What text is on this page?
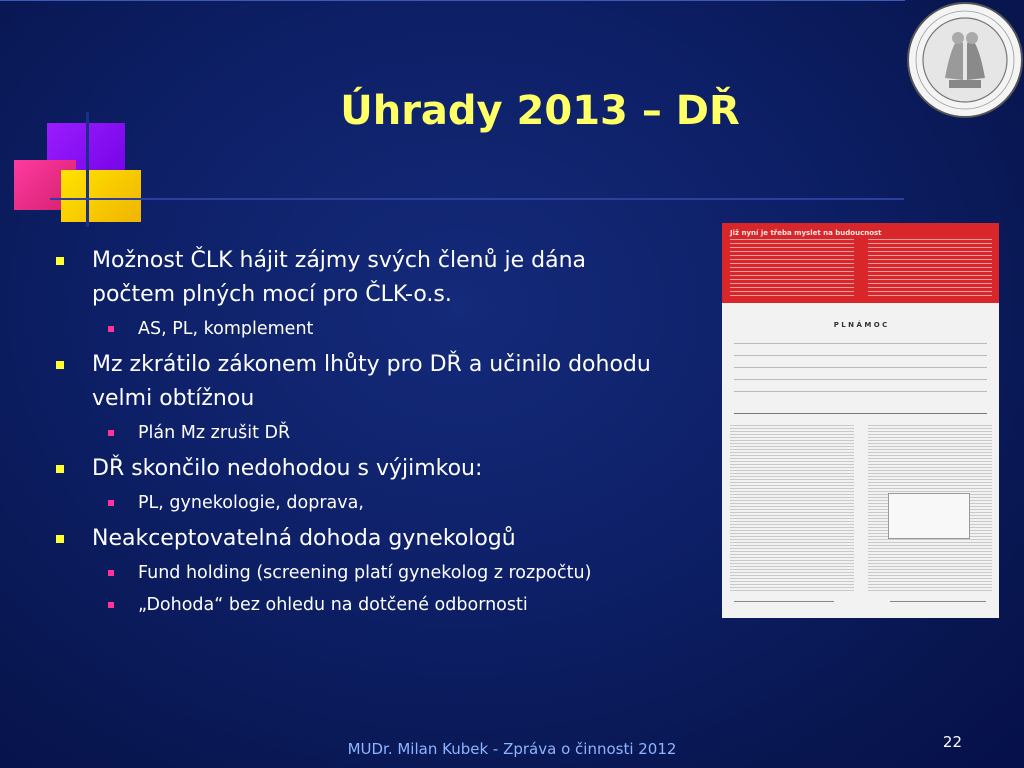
Úhrady 2013 – DŘ
Možnost ČLK hájit zájmy svých členů je dána počtem plných mocí pro ČLK-o.s.
AS, PL, komplement
Mz zkrátilo zákonem lhůty pro DŘ a učinilo dohodu velmi obtížnou
Plán Mz zrušit DŘ
DŘ skončilo nedohodou s výjimkou:
PL, gynekologie, doprava,
Neakceptovatelná dohoda gynekologů
Fund holding (screening platí gynekolog z rozpočtu)
„Dohoda“ bez ohledu na dotčené odbornosti
Již nyní je třeba myslet na budoucnost
P L N Á M O C
MUDr. Milan Kubek - Zpráva o činnosti 2012	22
